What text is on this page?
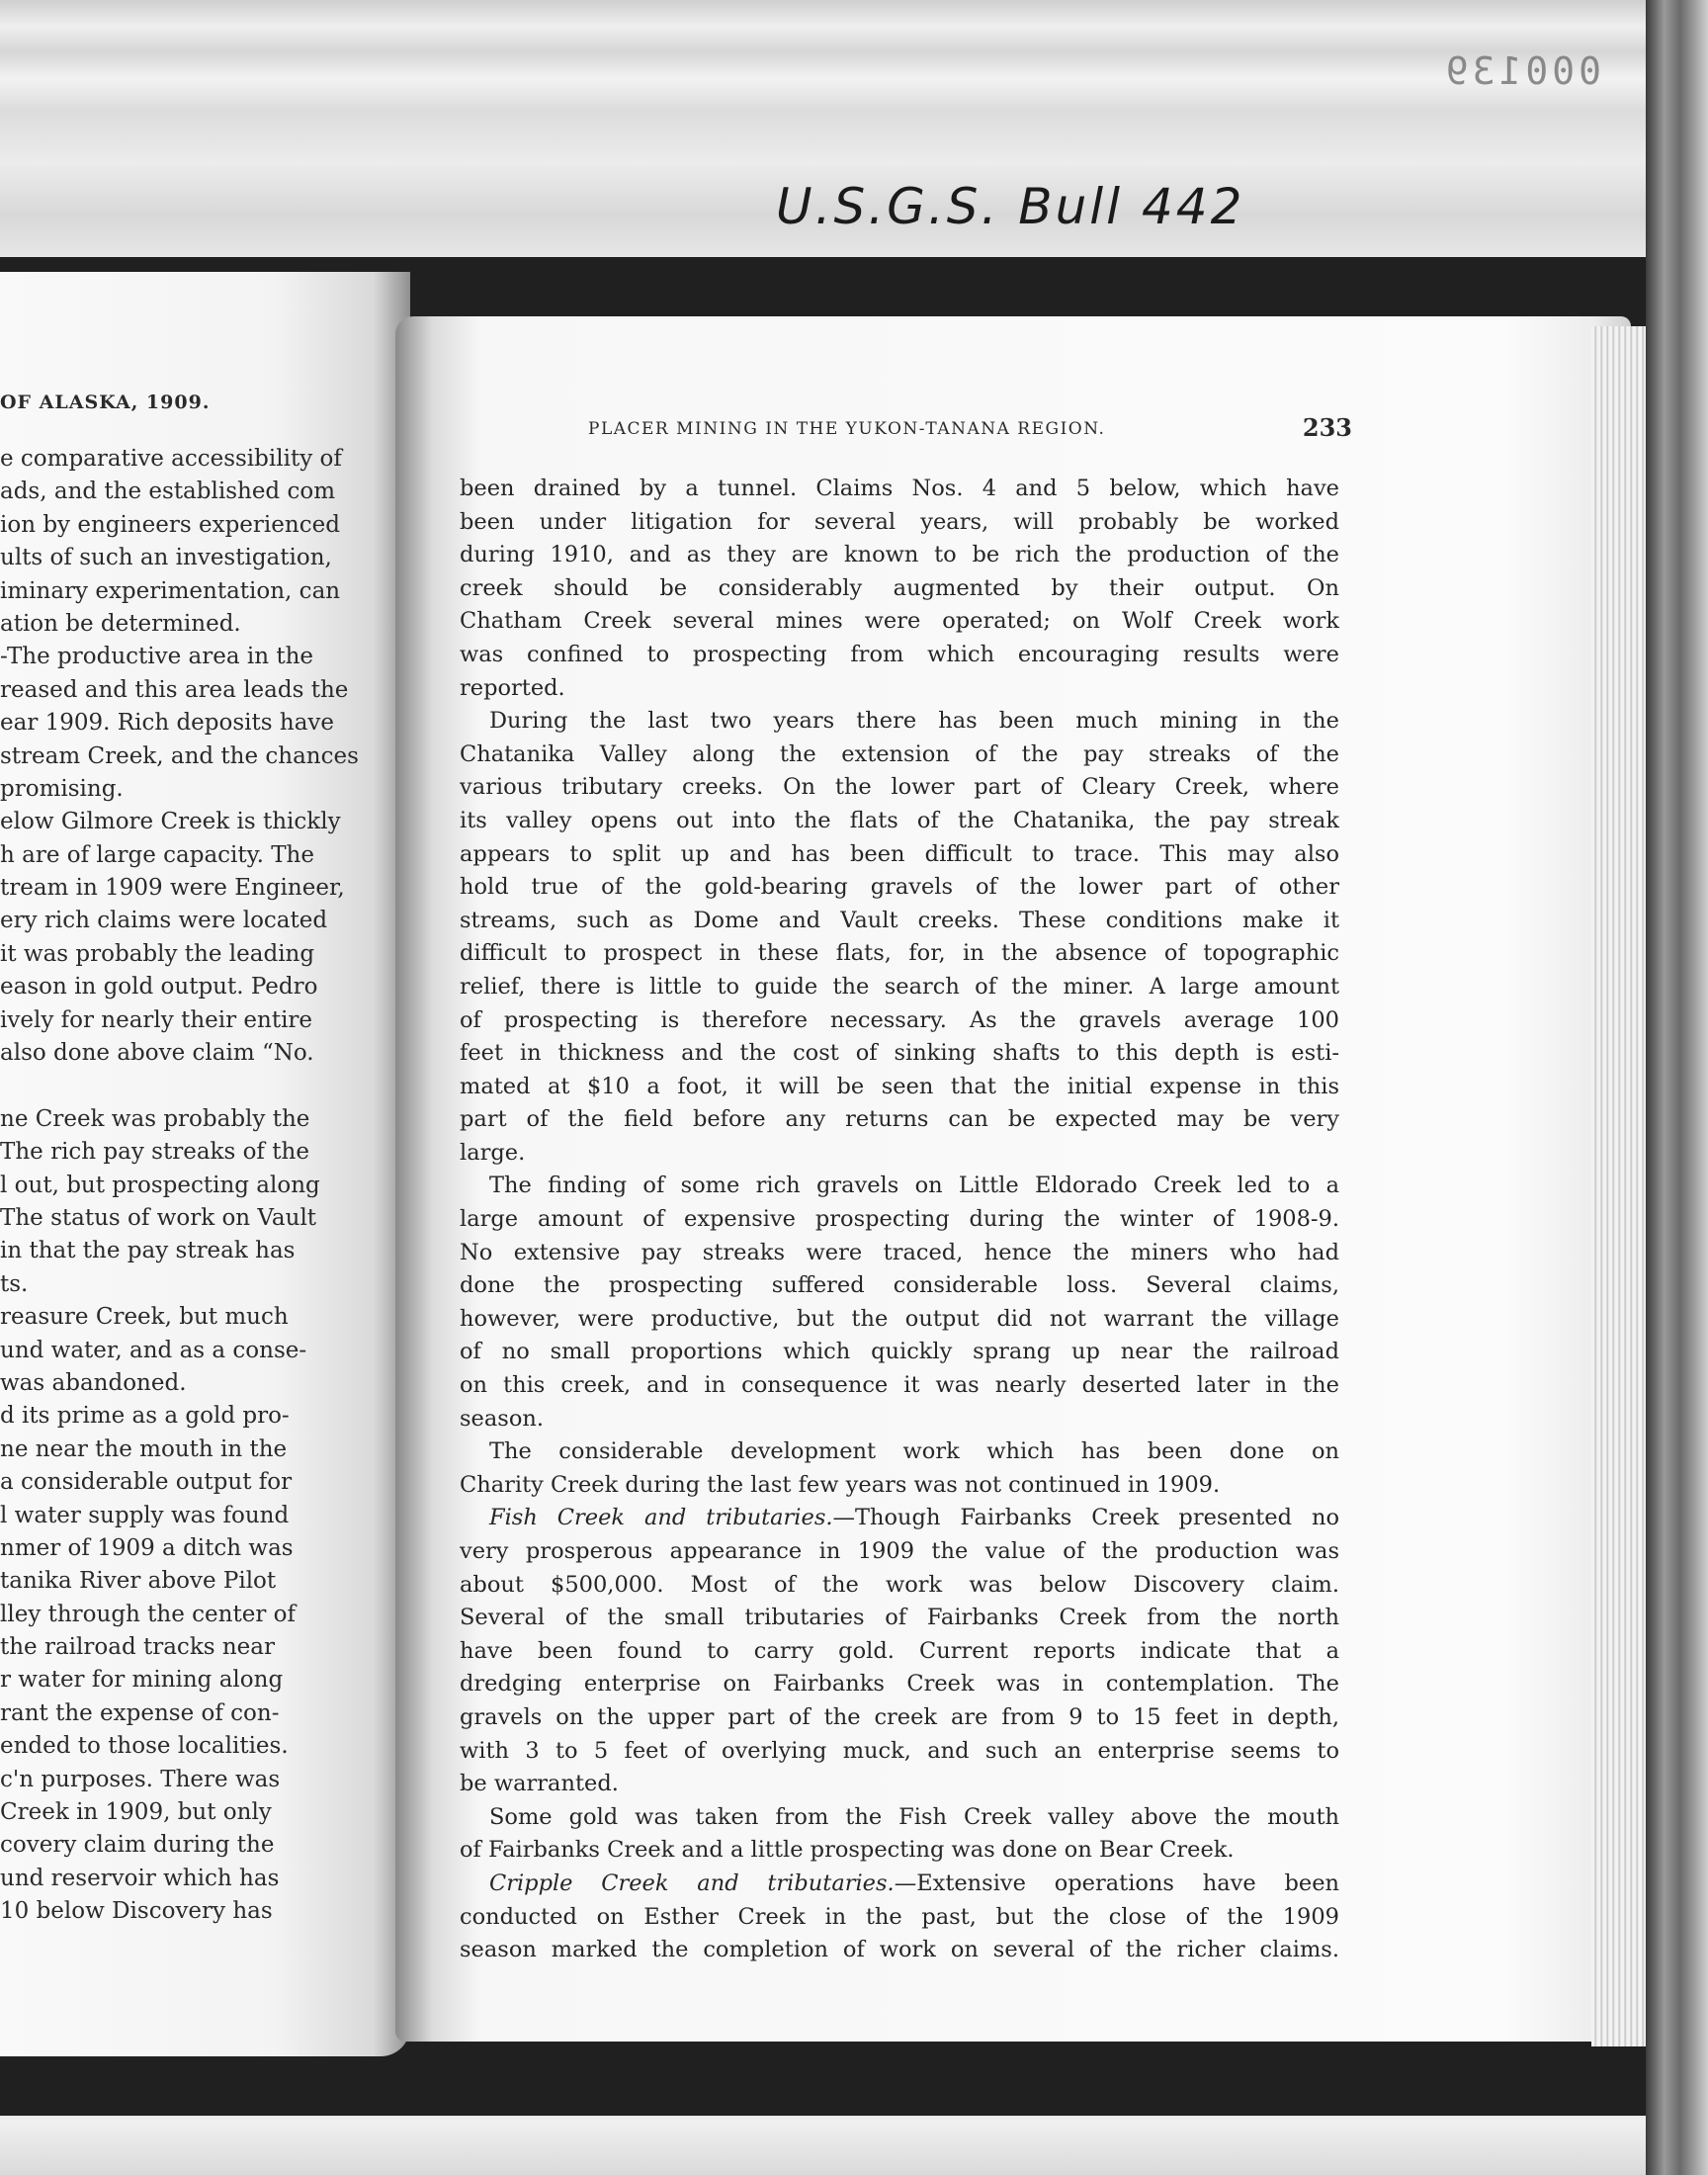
000139
U.S.G.S. Bull 442
OF ALASKA, 1909.
e comparative accessibility of
ads, and the established com
ion by engineers experienced
ults of such an investigation,
iminary experimentation, can
ation be determined.
-The productive area in the
reased and this area leads the
ear 1909. Rich deposits have
stream Creek, and the chances
promising.
elow Gilmore Creek is thickly
h are of large capacity. The
tream in 1909 were Engineer,
ery rich claims were located
it was probably the leading
eason in gold output. Pedro
ively for nearly their entire
also done above claim “No.
ne Creek was probably the
The rich pay streaks of the
l out, but prospecting along
The status of work on Vault
in that the pay streak has
ts.
reasure Creek, but much
und water, and as a conse-
was abandoned.
d its prime as a gold pro-
ne near the mouth in the
a considerable output for
l water supply was found
nmer of 1909 a ditch was
tanika River above Pilot
lley through the center of
the railroad tracks near
r water for mining along
rant the expense of con-
ended to those localities.
c'n purposes. There was
Creek in 1909, but only
covery claim during the
und reservoir which has
10 below Discovery has
PLACER MINING IN THE YUKON-TANANA REGION.	233
been drained by a tunnel. Claims Nos. 4 and 5 below, which have
been under litigation for several years, will probably be worked
during 1910, and as they are known to be rich the production of the
creek should be considerably augmented by their output. On
Chatham Creek several mines were operated; on Wolf Creek work
was confined to prospecting from which encouraging results were
reported.
During the last two years there has been much mining in the
Chatanika Valley along the extension of the pay streaks of the
various tributary creeks. On the lower part of Cleary Creek, where
its valley opens out into the flats of the Chatanika, the pay streak
appears to split up and has been difficult to trace. This may also
hold true of the gold-bearing gravels of the lower part of other
streams, such as Dome and Vault creeks. These conditions make it
difficult to prospect in these flats, for, in the absence of topographic
relief, there is little to guide the search of the miner. A large amount
of prospecting is therefore necessary. As the gravels average 100
feet in thickness and the cost of sinking shafts to this depth is esti-
mated at $10 a foot, it will be seen that the initial expense in this
part of the field before any returns can be expected may be very
large.
The finding of some rich gravels on Little Eldorado Creek led to a
large amount of expensive prospecting during the winter of 1908-9.
No extensive pay streaks were traced, hence the miners who had
done the prospecting suffered considerable loss. Several claims,
however, were productive, but the output did not warrant the village
of no small proportions which quickly sprang up near the railroad
on this creek, and in consequence it was nearly deserted later in the
season.
The considerable development work which has been done on
Charity Creek during the last few years was not continued in 1909.
Fish Creek and tributaries.—Though Fairbanks Creek presented no
very prosperous appearance in 1909 the value of the production was
about $500,000. Most of the work was below Discovery claim.
Several of the small tributaries of Fairbanks Creek from the north
have been found to carry gold. Current reports indicate that a
dredging enterprise on Fairbanks Creek was in contemplation. The
gravels on the upper part of the creek are from 9 to 15 feet in depth,
with 3 to 5 feet of overlying muck, and such an enterprise seems to
be warranted.
Some gold was taken from the Fish Creek valley above the mouth
of Fairbanks Creek and a little prospecting was done on Bear Creek.
Cripple Creek and tributaries.—Extensive operations have been
conducted on Esther Creek in the past, but the close of the 1909
season marked the completion of work on several of the richer claims.
